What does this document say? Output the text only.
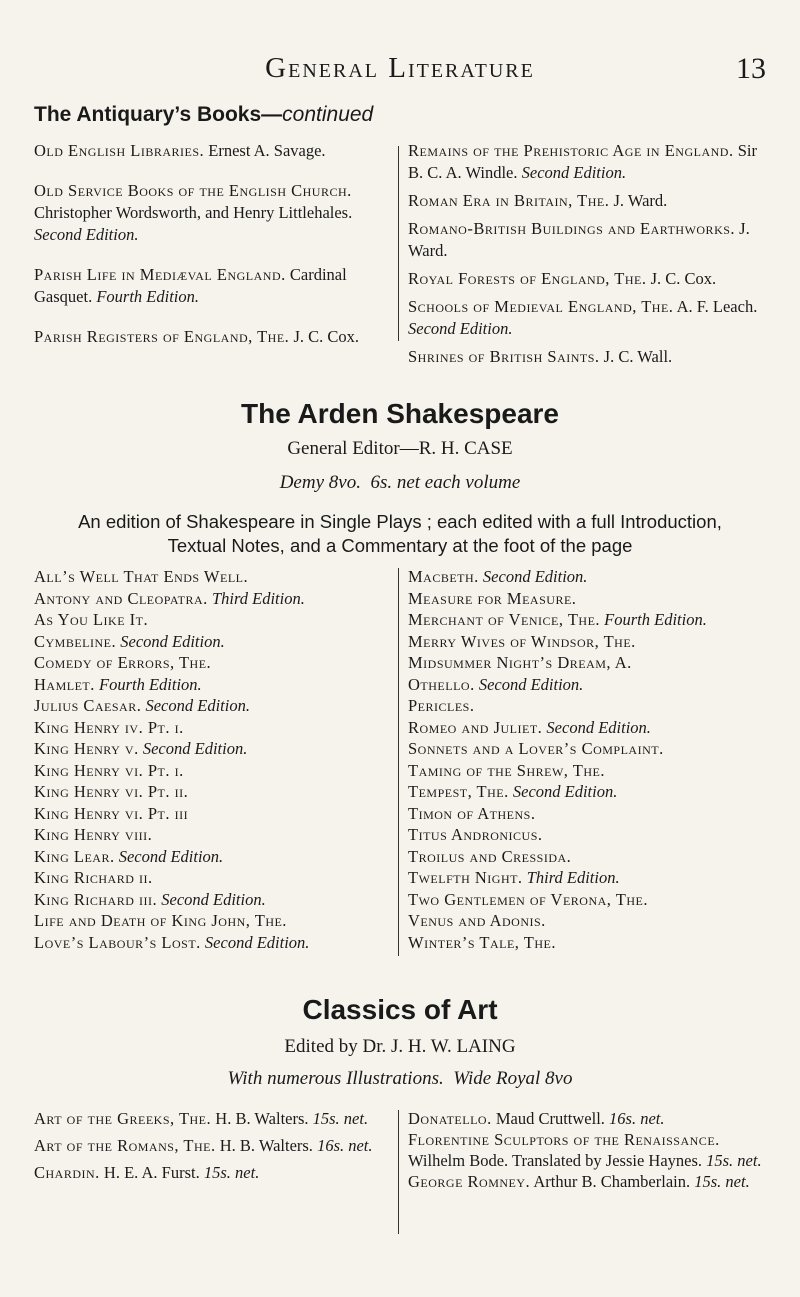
General Literature	13
The Antiquary’s Books—continued

Old English Libraries. Ernest A. Savage.

Old Service Books of the English Church. Christopher Wordsworth, and Henry Littlehales. Second Edition.

Parish Life in Mediæval England. Cardinal Gasquet. Fourth Edition.

Parish Registers of England, The. J. C. Cox.

Remains of the Prehistoric Age in England. Sir B. C. A. Windle. Second Edition.

Roman Era in Britain, The. J. Ward.

Romano-British Buildings and Earthworks. J. Ward.

Royal Forests of England, The. J. C. Cox.

Schools of Medieval England, The. A. F. Leach. Second Edition.

Shrines of British Saints. J. C. Wall.

The Arden Shakespeare
General Editor—R. H. CASE
Demy 8vo. 6s. net each volume
An edition of Shakespeare in Single Plays ; each edited with a full Introduction,
Textual Notes, and a Commentary at the foot of the page
All’s Well That Ends Well.
Antony and Cleopatra. Third Edition.
As You Like It.
Cymbeline. Second Edition.
Comedy of Errors, The.
Hamlet. Fourth Edition.
Julius Caesar. Second Edition.
King Henry iv. Pt. i.
King Henry v. Second Edition.
King Henry vi. Pt. i.
King Henry vi. Pt. ii.
King Henry vi. Pt. iii
King Henry viii.
King Lear. Second Edition.
King Richard ii.
King Richard iii. Second Edition.
Life and Death of King John, The.
Love’s Labour’s Lost. Second Edition.
Macbeth. Second Edition.
Measure for Measure.
Merchant of Venice, The. Fourth Edition.
Merry Wives of Windsor, The.
Midsummer Night’s Dream, A.
Othello. Second Edition.
Pericles.
Romeo and Juliet. Second Edition.
Sonnets and a Lover’s Complaint.
Taming of the Shrew, The.
Tempest, The. Second Edition.
Timon of Athens.
Titus Andronicus.
Troilus and Cressida.
Twelfth Night. Third Edition.
Two Gentlemen of Verona, The.
Venus and Adonis.
Winter’s Tale, The.
Classics of Art
Edited by Dr. J. H. W. LAING
With numerous Illustrations. Wide Royal 8vo

Art of the Greeks, The. H. B. Walters. 15s. net.

Art of the Romans, The. H. B. Walters. 16s. net.

Chardin. H. E. A. Furst. 15s. net.

Donatello. Maud Cruttwell. 16s. net.

Florentine Sculptors of the Renaissance. Wilhelm Bode. Translated by Jessie Haynes. 15s. net.

George Romney. Arthur B. Chamberlain. 15s. net.
